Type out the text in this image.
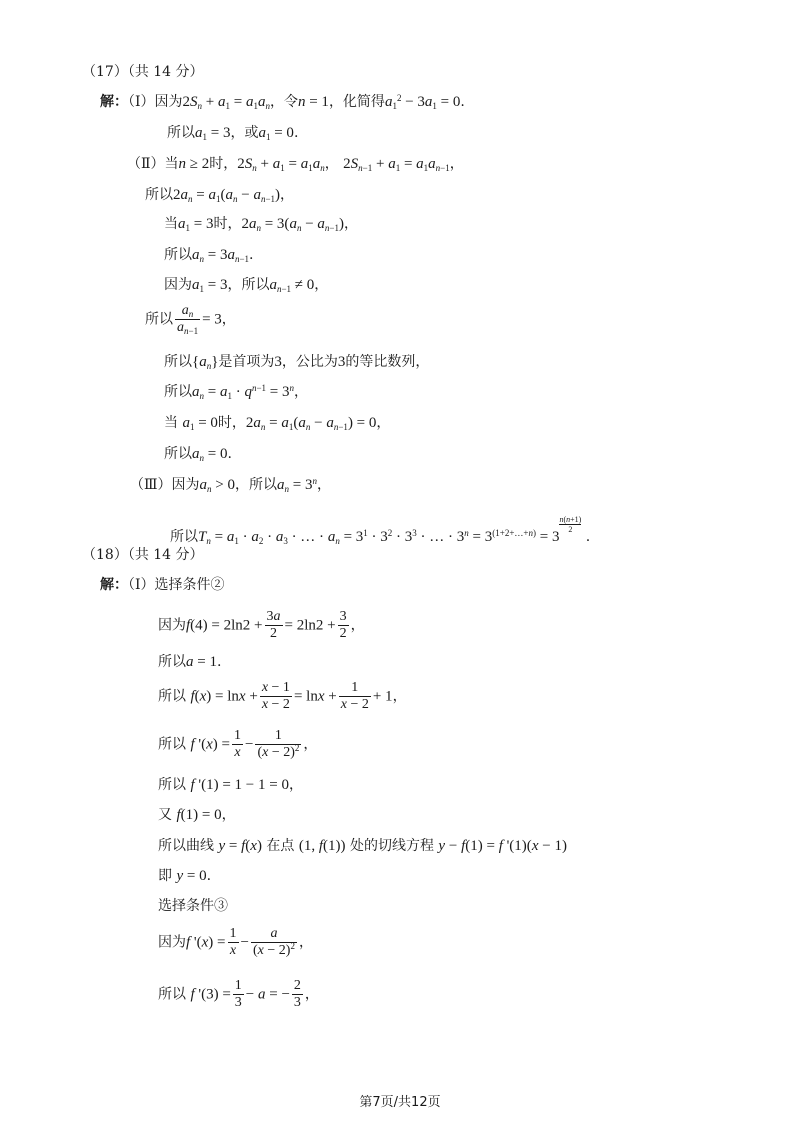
（17）（共 14 分）
解：（Ⅰ）因为$2S_n + a_1 = a_1a_n$，令n = 1，化简得$a_1^2 - 3a_1 = 0$.
所以$a_1 = 3$，或$a_1 = 0$.
（Ⅱ）当n ≥ 2时，$2S_n + a_1 = a_1a_n$， $2S_{n-1} + a_1 = a_1a_{n-1}$，
所以$2a_n = a_1(a_n - a_{n-1})$，
当$a_1 = 3$时，$2a_n = 3(a_n - a_{n-1})$，
所以$a_n = 3a_{n-1}$.
因为$a_1 = 3$，所以$a_{n-1} \ne 0$，
所以 $\frac{a_n}{a_{n-1}} = 3$，
所以$\{a_n\}$是首项为3，公比为3的等比数列，
所以$a_n = a_1 \cdot q^{n-1} = 3^n$，
当 $a_1 = 0$时，$2a_n = a_1(a_n - a_{n-1}) = 0$，
所以$a_n = 0$.
（Ⅲ）因为$a_n > 0$，所以$a_n = 3^n$，
所以$T_n = a_1 \cdot a_2 \cdot a_3$ · … · $a_n = 3^1 \cdot 3^2 \cdot 3^3$ · … · $3^n = 3^{(1+2+\dots+n)} = 3$
$^{\frac{n(n+1)}{2}}$
.
（18）（共 14 分）
解：（Ⅰ）选择条件②
因为$f(4) = 2\ln 2 + \frac{3a}{2} = 2\ln 2 + \frac{3}{2}$ ，
所以a = 1.
所以 $f(x) = \ln x + \frac{x - 1}{x - 2} = \ln x + \frac{1}{x - 2} + 1$，
所以 f '$(x) = \frac{1}{x} - \frac{1}{(x - 2)^2}$ ，
所以 f '(1) = 1 − 1 = 0，
又 f(1) = 0，
所以曲线 y = f(x) 在点 (1, f(1)) 处的切线方程 y − f(1) = f '(1)(x − 1)
即 y = 0.
选择条件③
因为f '$(x) = \frac{1}{x} - \frac{a}{(x - 2)^2}$ ，
所以 f '$(3) = \frac{1}{3} - a$ = − $\frac{2}{3}$ ，
第7页/共12页
